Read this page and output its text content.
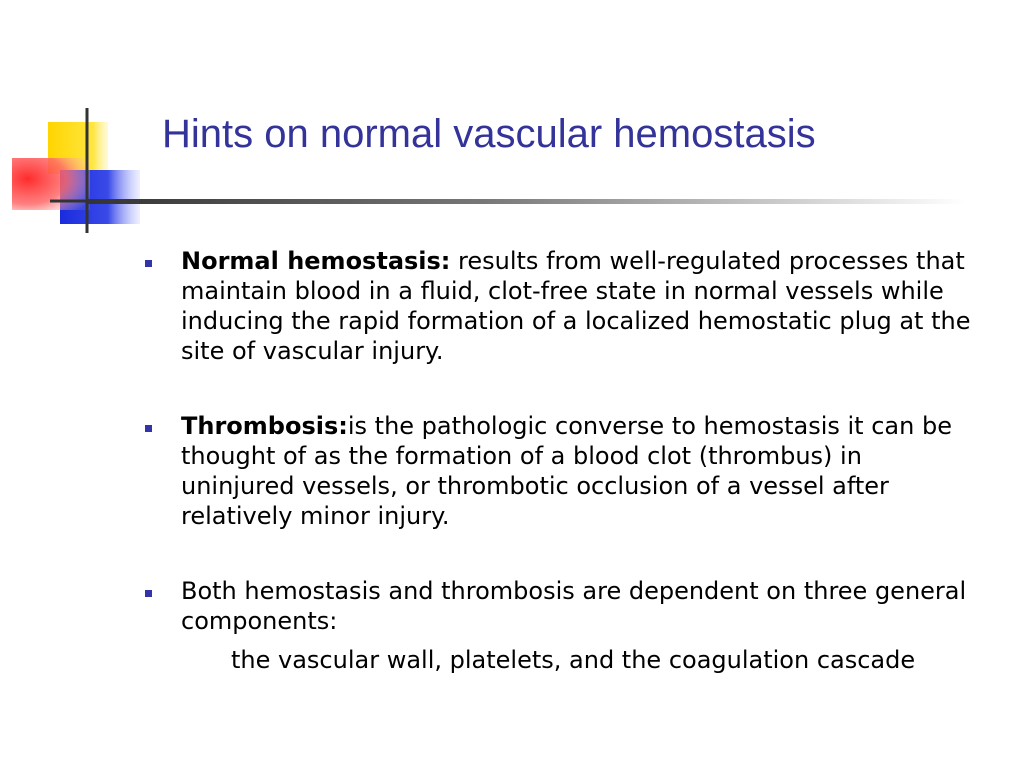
Hints on normal vascular hemostasis
Normal hemostasis: results from well-regulated processes that maintain blood in a fluid, clot-free state in normal vessels while inducing the rapid formation of a localized hemostatic plug at the site of vascular injury.
Thrombosis:is the pathologic converse to hemostasis it can be thought of as the formation of a blood clot (thrombus) in uninjured vessels, or thrombotic occlusion of a vessel after relatively minor injury.
Both hemostasis and thrombosis are dependent on three general components:
the vascular wall, platelets, and the coagulation cascade
